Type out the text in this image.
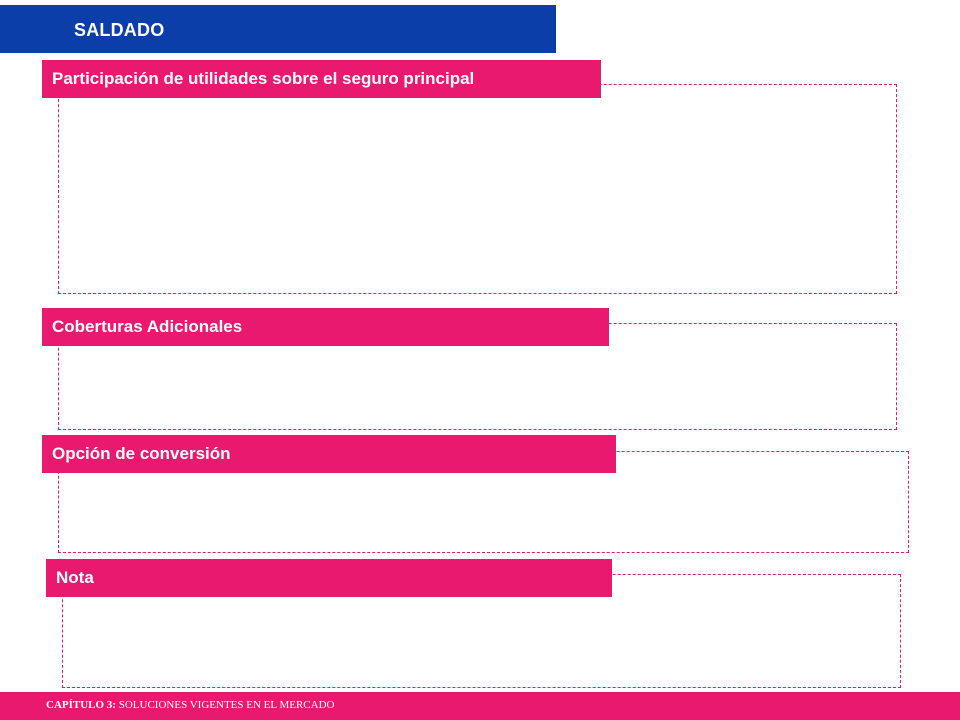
SALDADO
Participación de utilidades sobre el seguro principal
Coberturas Adicionales
Opción de conversión
Nota
CAPÍTULO 3: SOLUCIONES VIGENTES EN EL MERCADO
